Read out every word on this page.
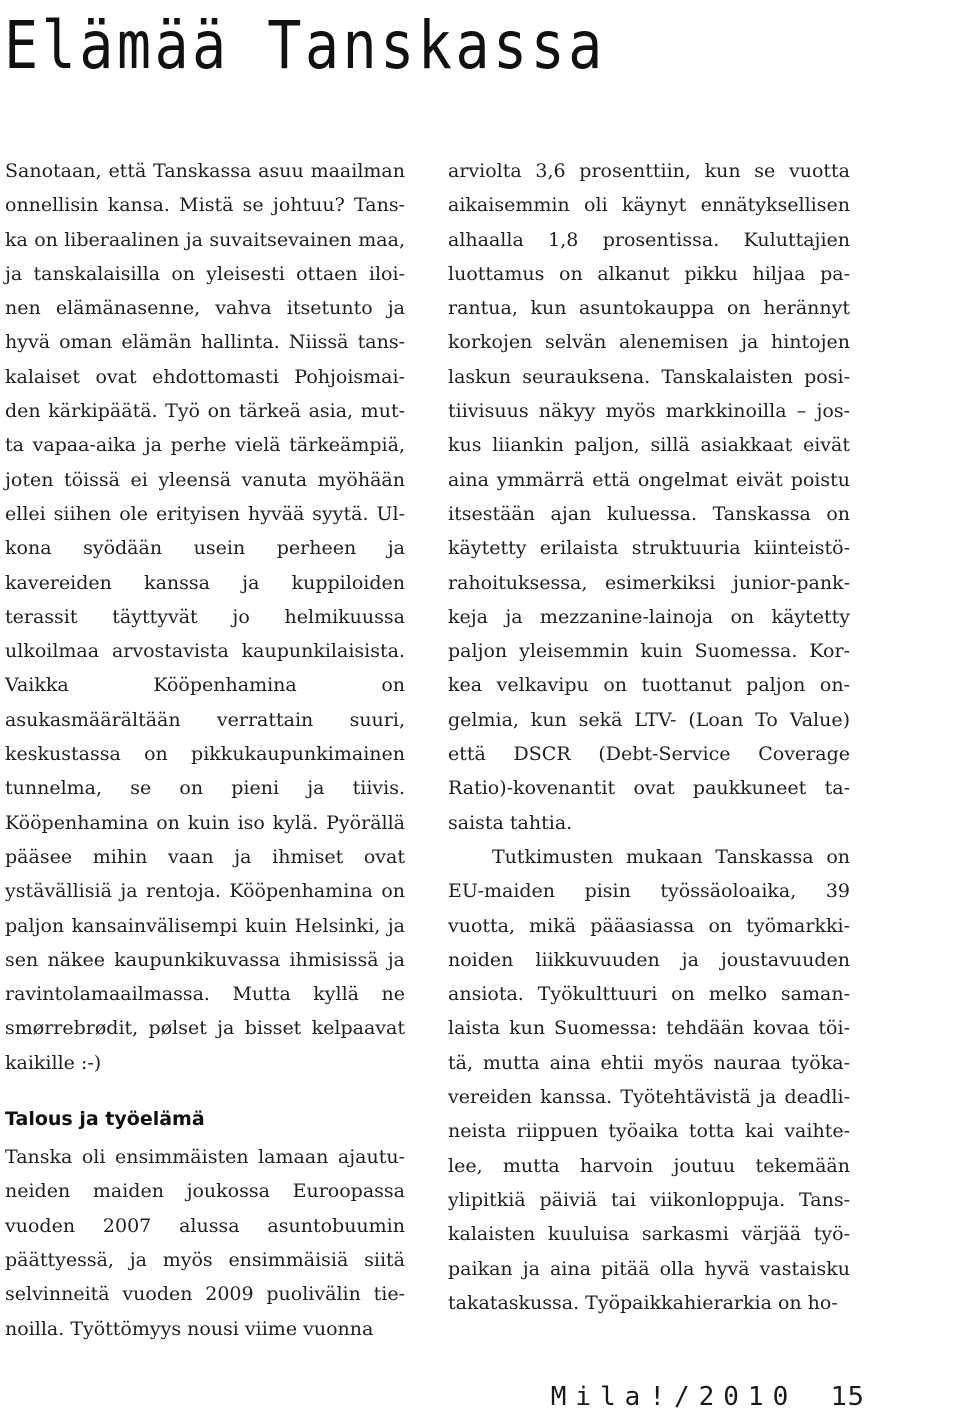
Elämää Tanskassa

Sanotaan, että Tanskassa asuu maailman onnellisin kansa. Mistä se johtuu? Tanska on liberaalinen ja suvaitsevainen maa, ja tanskalaisilla on yleisesti ottaen iloinen elämänasenne, vahva itsetunto ja hyvä oman elämän hallinta. Niissä tanskalaiset ovat ehdottomasti Pohjoismaiden kärkipäätä. Työ on tärkeä asia, mutta vapaa-aika ja perhe vielä tärkeämpiä, joten töissä ei yleensä vanuta myöhään ellei siihen ole erityisen hyvää syytä. Ulkona syödään usein perheen ja kavereiden kanssa ja kuppiloiden terassit täyttyvät jo helmikuussa ulkoilmaa arvostavista kaupunkilaisista. Vaikka Kööpenhamina on asukasmäärältään verrattain suuri, keskustassa on pikkukaupunkimainen tunnelma, se on pieni ja tiivis. Kööpenhamina on kuin iso kylä. Pyörällä pääsee mihin vaan ja ihmiset ovat ystävällisiä ja rentoja. Kööpenhamina on paljon kansainvälisempi kuin Helsinki, ja sen näkee kaupunkikuvassa ihmisissä ja ravintolamaailmassa. Mutta kyllä ne smørrebrødit, pølset ja bisset kelpaavat kaikille :-)

Talous ja työelämä

Tanska oli ensimmäisten lamaan ajautuneiden maiden joukossa Euroopassa vuoden 2007 alussa asuntobuumin päättyessä, ja myös ensimmäisiä siitä selvinneitä vuoden 2009 puolivälin tienoilla. Työttömyys nousi viime vuonna

arviolta 3,6 prosenttiin, kun se vuotta aikaisemmin oli käynyt ennätyksellisen alhaalla 1,8 prosentissa. Kuluttajien luottamus on alkanut pikku hiljaa parantua, kun asuntokauppa on herännyt korkojen selvän alenemisen ja hintojen laskun seurauksena. Tanskalaisten positiivisuus näkyy myös markkinoilla – joskus liiankin paljon, sillä asiakkaat eivät aina ymmärrä että ongelmat eivät poistu itsestään ajan kuluessa. Tanskassa on käytetty erilaista struktuuria kiinteistörahoituksessa, esimerkiksi junior-pankkeja ja mezzanine-lainoja on käytetty paljon yleisemmin kuin Suomessa. Korkea velkavipu on tuottanut paljon ongelmia, kun sekä LTV- (Loan To Value) että DSCR (Debt-Service Coverage Ratio)-kovenantit ovat paukkuneet tasaista tahtia.

Tutkimusten mukaan Tanskassa on EU-maiden pisin työssäoloaika, 39 vuotta, mikä pääasiassa on työmarkkinoiden liikkuvuuden ja joustavuuden ansiota. Työkulttuuri on melko samanlaista kun Suomessa: tehdään kovaa töitä, mutta aina ehtii myös nauraa työkavereiden kanssa. Työtehtävistä ja deadlineista riippuen työaika totta kai vaihtelee, mutta harvoin joutuu tekemään ylipitkiä päiviä tai viikonloppuja. Tanskalaisten kuuluisa sarkasmi värjää työpaikan ja aina pitää olla hyvä vastaisku takataskussa. Työpaikkahierarkia on ho-

Mila!/2010 15
